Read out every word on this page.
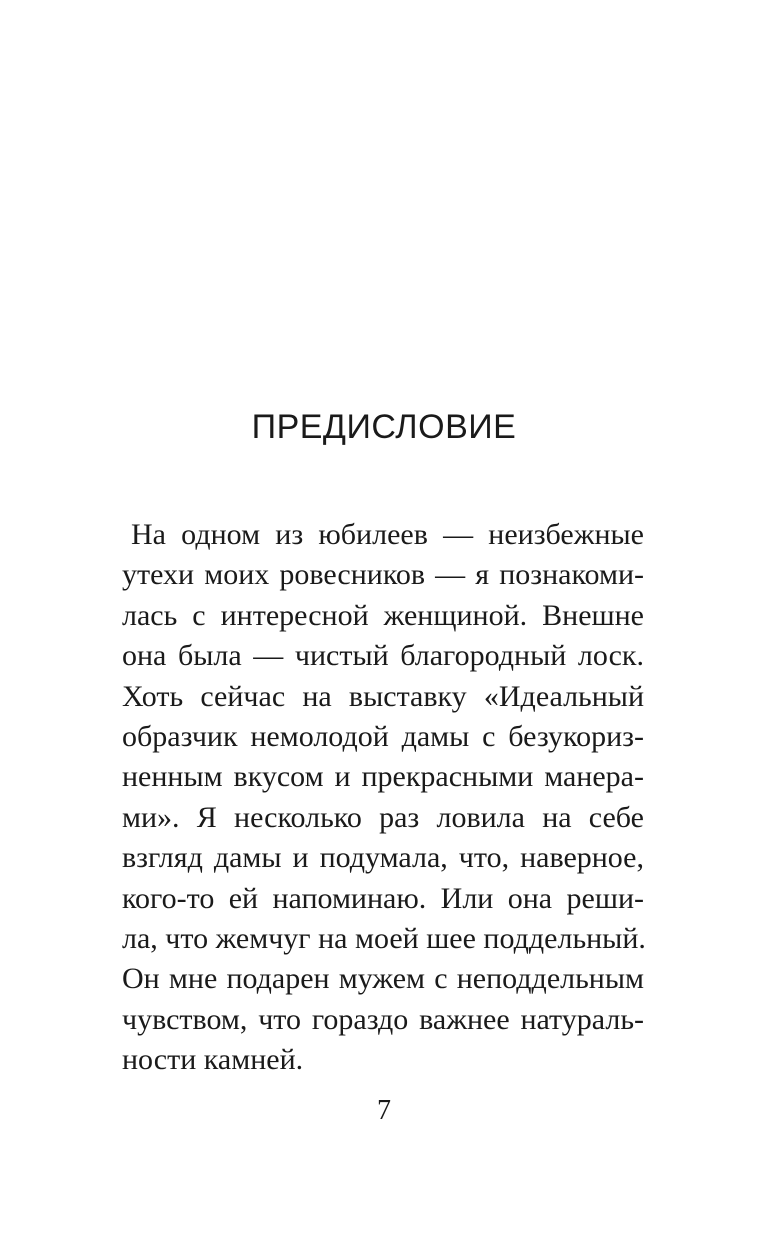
ПРЕДИСЛОВИЕ
На одном из юбилеев — неизбежные
утехи моих ровесников — я познакоми-
лась с интересной женщиной. Внешне
она была — чистый благородный лоск.
Хоть сейчас на выставку «Идеальный
образчик немолодой дамы с безукориз-
ненным вкусом и прекрасными манера-
ми». Я несколько раз ловила на себе
взгляд дамы и подумала, что, наверное,
кого-то ей напоминаю. Или она реши-
ла, что жемчуг на моей шее поддельный.
Он мне подарен мужем с неподдельным
чувством, что гораздо важнее натураль-
ности камней.
7
